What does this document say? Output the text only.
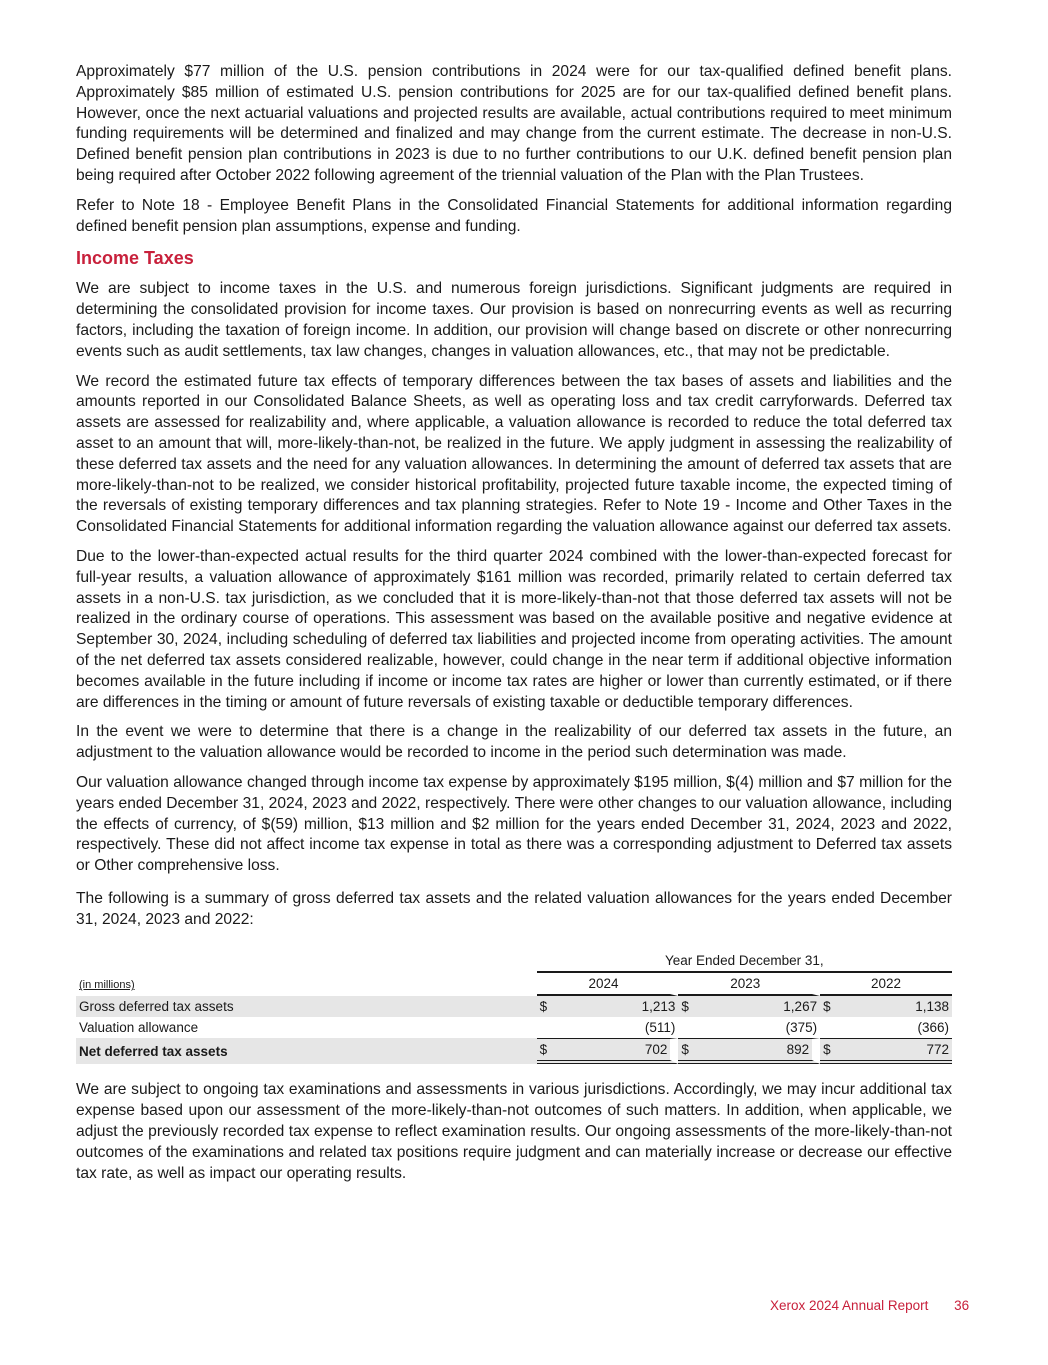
Approximately $77 million of the U.S. pension contributions in 2024 were for our tax-qualified defined benefit plans. Approximately $85 million of estimated U.S. pension contributions for 2025 are for our tax-qualified defined benefit plans. However, once the next actuarial valuations and projected results are available, actual contributions required to meet minimum funding requirements will be determined and finalized and may change from the current estimate. The decrease in non-U.S. Defined benefit pension plan contributions in 2023 is due to no further contributions to our U.K. defined benefit pension plan being required after October 2022 following agreement of the triennial valuation of the Plan with the Plan Trustees.

Refer to Note 18 - Employee Benefit Plans in the Consolidated Financial Statements for additional information regarding defined benefit pension plan assumptions, expense and funding.

Income Taxes

We are subject to income taxes in the U.S. and numerous foreign jurisdictions. Significant judgments are required in determining the consolidated provision for income taxes. Our provision is based on nonrecurring events as well as recurring factors, including the taxation of foreign income. In addition, our provision will change based on discrete or other nonrecurring events such as audit settlements, tax law changes, changes in valuation allowances, etc., that may not be predictable.

We record the estimated future tax effects of temporary differences between the tax bases of assets and liabilities and the amounts reported in our Consolidated Balance Sheets, as well as operating loss and tax credit carryforwards. Deferred tax assets are assessed for realizability and, where applicable, a valuation allowance is recorded to reduce the total deferred tax asset to an amount that will, more-likely-than-not, be realized in the future. We apply judgment in assessing the realizability of these deferred tax assets and the need for any valuation allowances. In determining the amount of deferred tax assets that are more-likely-than-not to be realized, we consider historical profitability, projected future taxable income, the expected timing of the reversals of existing temporary differences and tax planning strategies. Refer to Note 19 - Income and Other Taxes in the Consolidated Financial Statements for additional information regarding the valuation allowance against our deferred tax assets.

Due to the lower-than-expected actual results for the third quarter 2024 combined with the lower-than-expected forecast for full-year results, a valuation allowance of approximately $161 million was recorded, primarily related to certain deferred tax assets in a non-U.S. tax jurisdiction, as we concluded that it is more-likely-than-not that those deferred tax assets will not be realized in the ordinary course of operations. This assessment was based on the available positive and negative evidence at September 30, 2024, including scheduling of deferred tax liabilities and projected income from operating activities. The amount of the net deferred tax assets considered realizable, however, could change in the near term if additional objective information becomes available in the future including if income or income tax rates are higher or lower than currently estimated, or if there are differences in the timing or amount of future reversals of existing taxable or deductible temporary differences.

In the event we were to determine that there is a change in the realizability of our deferred tax assets in the future, an adjustment to the valuation allowance would be recorded to income in the period such determination was made.

Our valuation allowance changed through income tax expense by approximately $195 million, $(4) million and $7 million for the years ended December 31, 2024, 2023 and 2022, respectively. There were other changes to our valuation allowance, including the effects of currency, of $(59) million, $13 million and $2 million for the years ended December 31, 2024, 2023 and 2022, respectively. These did not affect income tax expense in total as there was a corresponding adjustment to Deferred tax assets or Other comprehensive loss.

The following is a summary of gross deferred tax assets and the related valuation allowances for the years ended December 31, 2024, 2023 and 2022:

	Year Ended December 31,					
(in millions)	2024		2023		2022	
Gross deferred tax assets	$	1,213	$	1,267	$	1,138
Valuation allowance		(511)		(375)		(366)
Net deferred tax assets	$	702	$	892	$	772

We are subject to ongoing tax examinations and assessments in various jurisdictions. Accordingly, we may incur additional tax expense based upon our assessment of the more-likely-than-not outcomes of such matters. In addition, when applicable, we adjust the previously recorded tax expense to reflect examination results. Our ongoing assessments of the more-likely-than-not outcomes of the examinations and related tax positions require judgment and can materially increase or decrease our effective tax rate, as well as impact our operating results.

Xerox 2024 Annual Report 36
